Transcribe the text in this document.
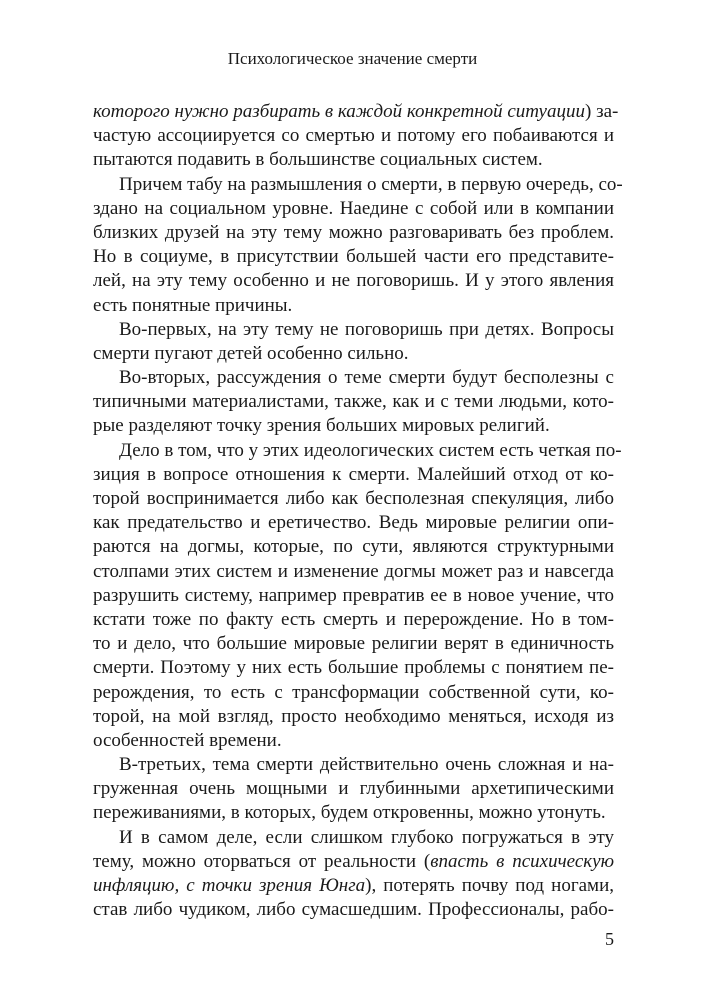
Психологическое значение смерти
которого нужно разбирать в каждой конкретной ситуации) за-
частую ассоциируется со смертью и потому его побаиваются и
пытаются подавить в большинстве социальных систем.
Причем табу на размышления о смерти, в первую очередь, со-
здано на социальном уровне. Наедине с собой или в компании
близких друзей на эту тему можно разговаривать без проблем.
Но в социуме, в присутствии большей части его представите-
лей, на эту тему особенно и не поговоришь. И у этого явления
есть понятные причины.
Во-первых, на эту тему не поговоришь при детях. Вопросы
смерти пугают детей особенно сильно.
Во-вторых, рассуждения о теме смерти будут бесполезны с
типичными материалистами, также, как и с теми людьми, кото-
рые разделяют точку зрения больших мировых религий.
Дело в том, что у этих идеологических систем есть четкая по-
зиция в вопросе отношения к смерти. Малейший отход от ко-
торой воспринимается либо как бесполезная спекуляция, либо
как предательство и еретичество. Ведь мировые религии опи-
раются на догмы, которые, по сути, являются структурными
столпами этих систем и изменение догмы может раз и навсегда
разрушить систему, например превратив ее в новое учение, что
кстати тоже по факту есть смерть и перерождение. Но в том-
то и дело, что большие мировые религии верят в единичность
смерти. Поэтому у них есть большие проблемы с понятием пе-
рерождения, то есть с трансформации собственной сути, ко-
торой, на мой взгляд, просто необходимо меняться, исходя из
особенностей времени.
В-третьих, тема смерти действительно очень сложная и на-
груженная очень мощными и глубинными архетипическими
переживаниями, в которых, будем откровенны, можно утонуть.
И в самом деле, если слишком глубоко погружаться в эту
тему, можно оторваться от реальности (впасть в психическую
инфляцию, с точки зрения Юнга), потерять почву под ногами,
став либо чудиком, либо сумасшедшим. Профессионалы, рабо-
5
